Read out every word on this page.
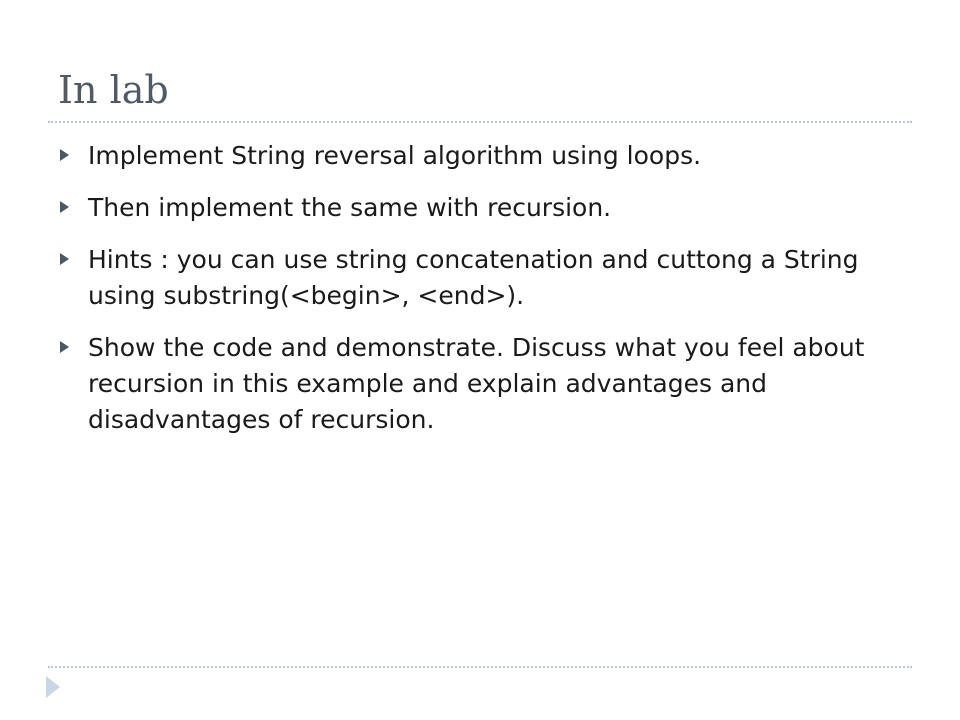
In lab
Implement String reversal algorithm using loops.
Then implement the same with recursion.
Hints : you can use string concatenation and cuttong a String using substring(<begin>, <end>).
Show the code and demonstrate. Discuss what you feel about recursion in this example and explain advantages and disadvantages of recursion.
